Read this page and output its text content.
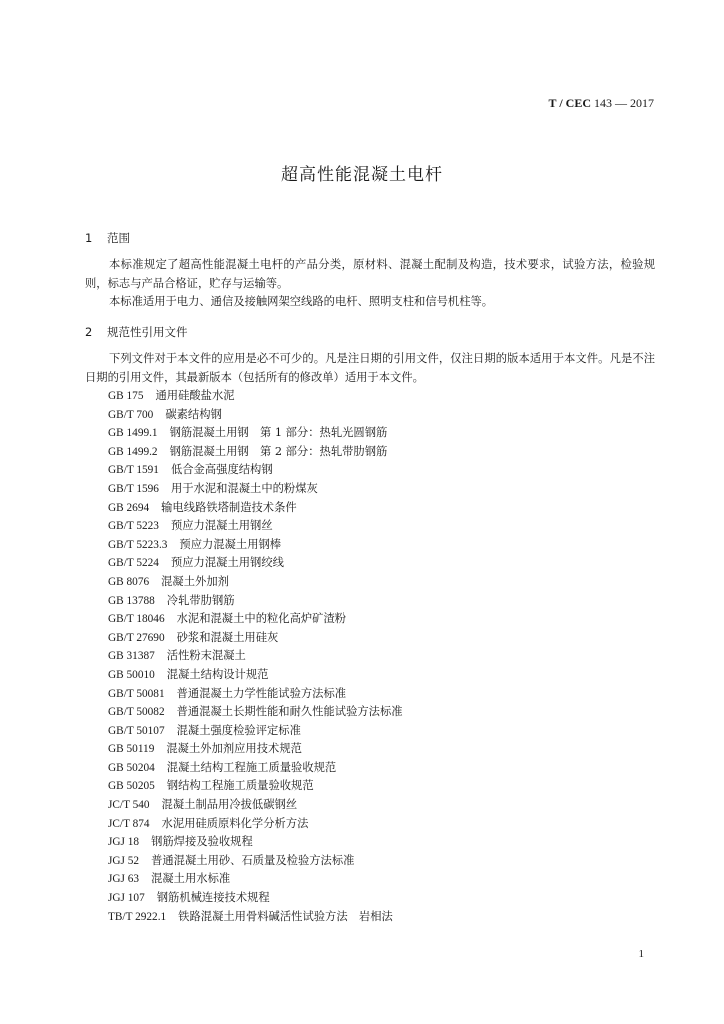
T / CEC 143 — 2017
超高性能混凝土电杆
1 范围

本标准规定了超高性能混凝土电杆的产品分类，原材料、混凝土配制及构造，技术要求，试验方法，检验规则，标志与产品合格证，贮存与运输等。

本标准适用于电力、通信及接触网架空线路的电杆、照明支柱和信号机柱等。

2 规范性引用文件

下列文件对于本文件的应用是必不可少的。凡是注日期的引用文件，仅注日期的版本适用于本文件。凡是不注日期的引用文件，其最新版本（包括所有的修改单）适用于本文件。

GB 175 通用硅酸盐水泥
GB/T 700 碳素结构钢
GB 1499.1 钢筋混凝土用钢　第 1 部分：热轧光圆钢筋
GB 1499.2 钢筋混凝土用钢　第 2 部分：热轧带肋钢筋
GB/T 1591 低合金高强度结构钢
GB/T 1596 用于水泥和混凝土中的粉煤灰
GB 2694 输电线路铁塔制造技术条件
GB/T 5223 预应力混凝土用钢丝
GB/T 5223.3 预应力混凝土用钢棒
GB/T 5224 预应力混凝土用钢绞线
GB 8076 混凝土外加剂
GB 13788 冷轧带肋钢筋
GB/T 18046 水泥和混凝土中的粒化高炉矿渣粉
GB/T 27690 砂浆和混凝土用硅灰
GB 31387 活性粉末混凝土
GB 50010 混凝土结构设计规范
GB/T 50081 普通混凝土力学性能试验方法标准
GB/T 50082 普通混凝土长期性能和耐久性能试验方法标准
GB/T 50107 混凝土强度检验评定标准
GB 50119 混凝土外加剂应用技术规范
GB 50204 混凝土结构工程施工质量验收规范
GB 50205 钢结构工程施工质量验收规范
JC/T 540 混凝土制品用冷拔低碳钢丝
JC/T 874 水泥用硅质原料化学分析方法
JGJ 18 钢筋焊接及验收规程
JGJ 52 普通混凝土用砂、石质量及检验方法标准
JGJ 63 混凝土用水标准
JGJ 107 钢筋机械连接技术规程
TB/T 2922.1 铁路混凝土用骨料碱活性试验方法　岩相法
1
